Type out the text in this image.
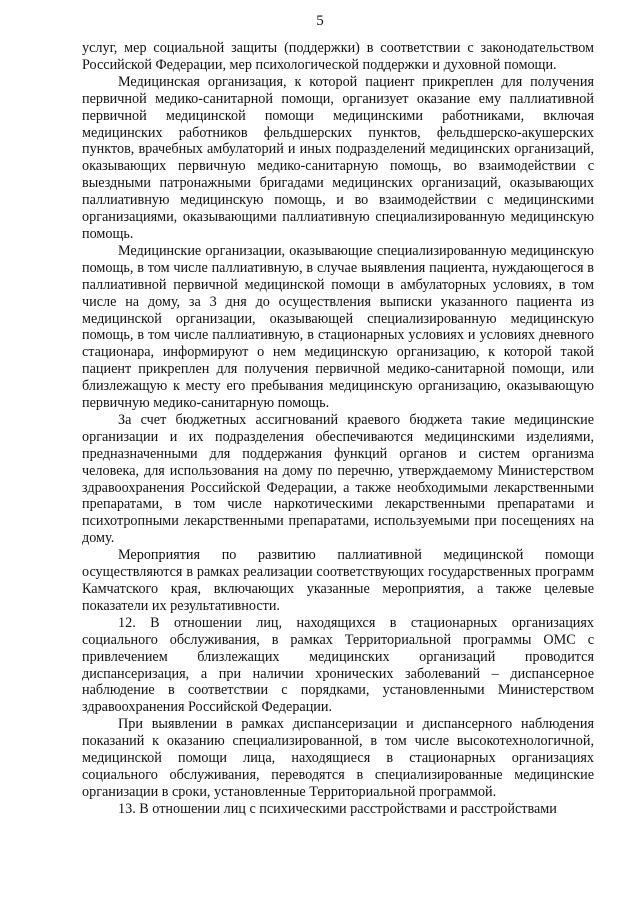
5

услуг, мер социальной защиты (поддержки) в соответствии с законодательством Российской Федерации, мер психологической поддержки и духовной помощи.

Медицинская организация, к которой пациент прикреплен для получения первичной медико-санитарной помощи, организует оказание ему паллиативной первичной медицинской помощи медицинскими работниками, включая медицинских работников фельдшерских пунктов, фельдшерско-акушерских пунктов, врачебных амбулаторий и иных подразделений медицинских организаций, оказывающих первичную медико-санитарную помощь, во взаимодействии с выездными патронажными бригадами медицинских организаций, оказывающих паллиативную медицинскую помощь, и во взаимодействии с медицинскими организациями, оказывающими паллиативную специализированную медицинскую помощь.

Медицинские организации, оказывающие специализированную медицинскую помощь, в том числе паллиативную, в случае выявления пациента, нуждающегося в паллиативной первичной медицинской помощи в амбулаторных условиях, в том числе на дому, за 3 дня до осуществления выписки указанного пациента из медицинской организации, оказывающей специализированную медицинскую помощь, в том числе паллиативную, в стационарных условиях и условиях дневного стационара, информируют о нем медицинскую организацию, к которой такой пациент прикреплен для получения первичной медико-санитарной помощи, или близлежащую к месту его пребывания медицинскую организацию, оказывающую первичную медико-санитарную помощь.

За счет бюджетных ассигнований краевого бюджета такие медицинские организации и их подразделения обеспечиваются медицинскими изделиями, предназначенными для поддержания функций органов и систем организма человека, для использования на дому по перечню, утверждаемому Министерством здравоохранения Российской Федерации, а также необходимыми лекарственными препаратами, в том числе наркотическими лекарственными препаратами и психотропными лекарственными препаратами, используемыми при посещениях на дому.

Мероприятия по развитию паллиативной медицинской помощи осуществляются в рамках реализации соответствующих государственных программ Камчатского края, включающих указанные мероприятия, а также целевые показатели их результативности.

12. В отношении лиц, находящихся в стационарных организациях социального обслуживания, в рамках Территориальной программы ОМС с привлечением близлежащих медицинских организаций проводится диспансеризация, а при наличии хронических заболеваний – диспансерное наблюдение в соответствии с порядками, установленными Министерством здравоохранения Российской Федерации.

При выявлении в рамках диспансеризации и диспансерного наблюдения показаний к оказанию специализированной, в том числе высокотехнологичной, медицинской помощи лица, находящиеся в стационарных организациях социального обслуживания, переводятся в специализированные медицинские организации в сроки, установленные Территориальной программой.

13. В отношении лиц с психическими расстройствами и расстройствами
